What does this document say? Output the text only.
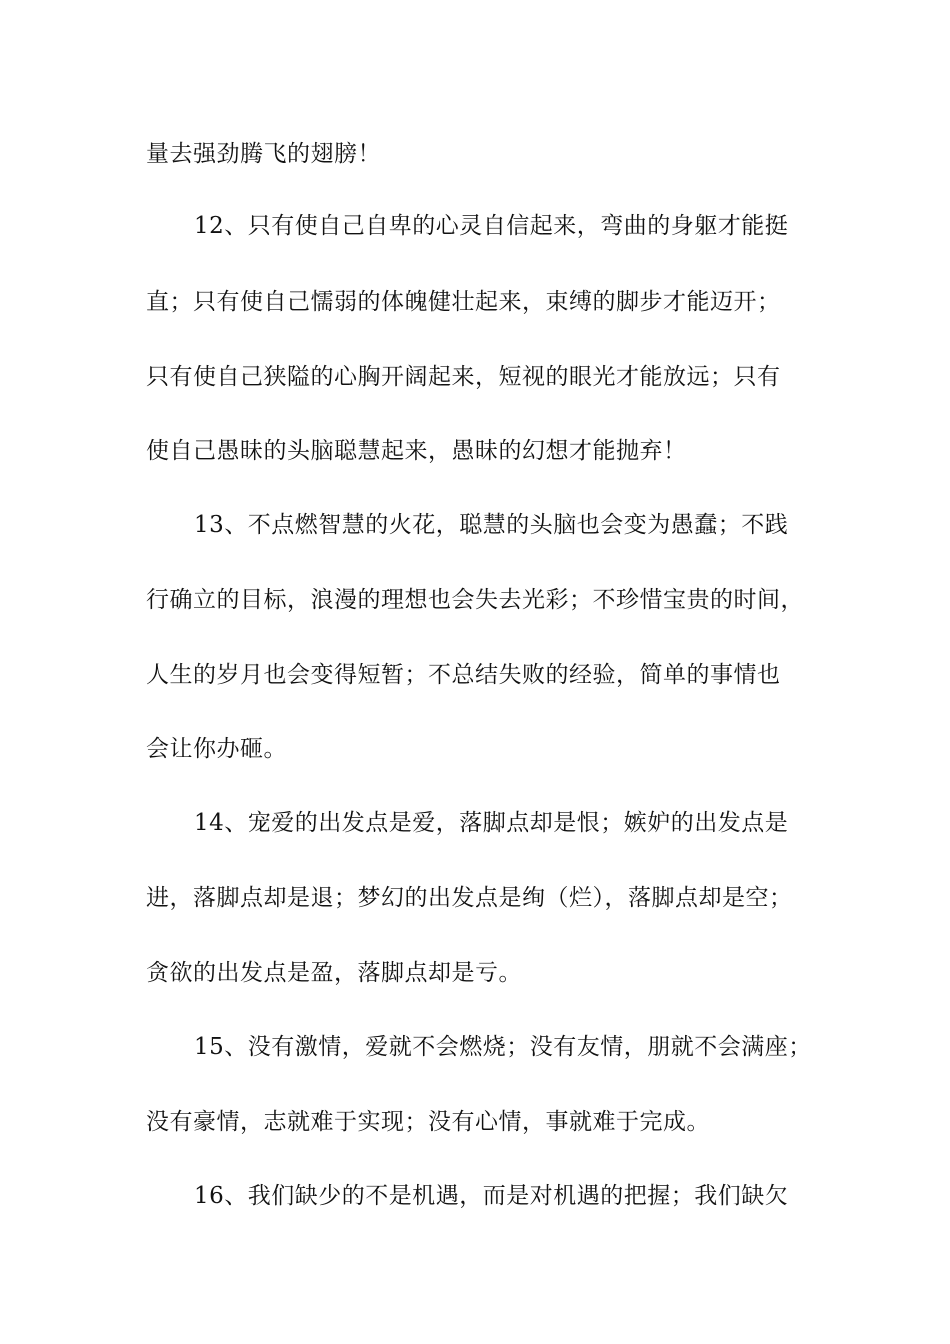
量去强劲腾飞的翅膀！

12、只有使自己自卑的心灵自信起来，弯曲的身躯才能挺

直；只有使自己懦弱的体魄健壮起来，束缚的脚步才能迈开；

只有使自己狭隘的心胸开阔起来，短视的眼光才能放远；只有

使自己愚昧的头脑聪慧起来，愚昧的幻想才能抛弃！

13、不点燃智慧的火花，聪慧的头脑也会变为愚蠢；不践

行确立的目标，浪漫的理想也会失去光彩；不珍惜宝贵的时间，

人生的岁月也会变得短暂；不总结失败的经验，简单的事情也

会让你办砸。

14、宠爱的出发点是爱，落脚点却是恨；嫉妒的出发点是

进，落脚点却是退；梦幻的出发点是绚（烂），落脚点却是空；

贪欲的出发点是盈，落脚点却是亏。

15、没有激情，爱就不会燃烧；没有友情，朋就不会满座；

没有豪情，志就难于实现；没有心情，事就难于完成。

16、我们缺少的不是机遇，而是对机遇的把握；我们缺欠
